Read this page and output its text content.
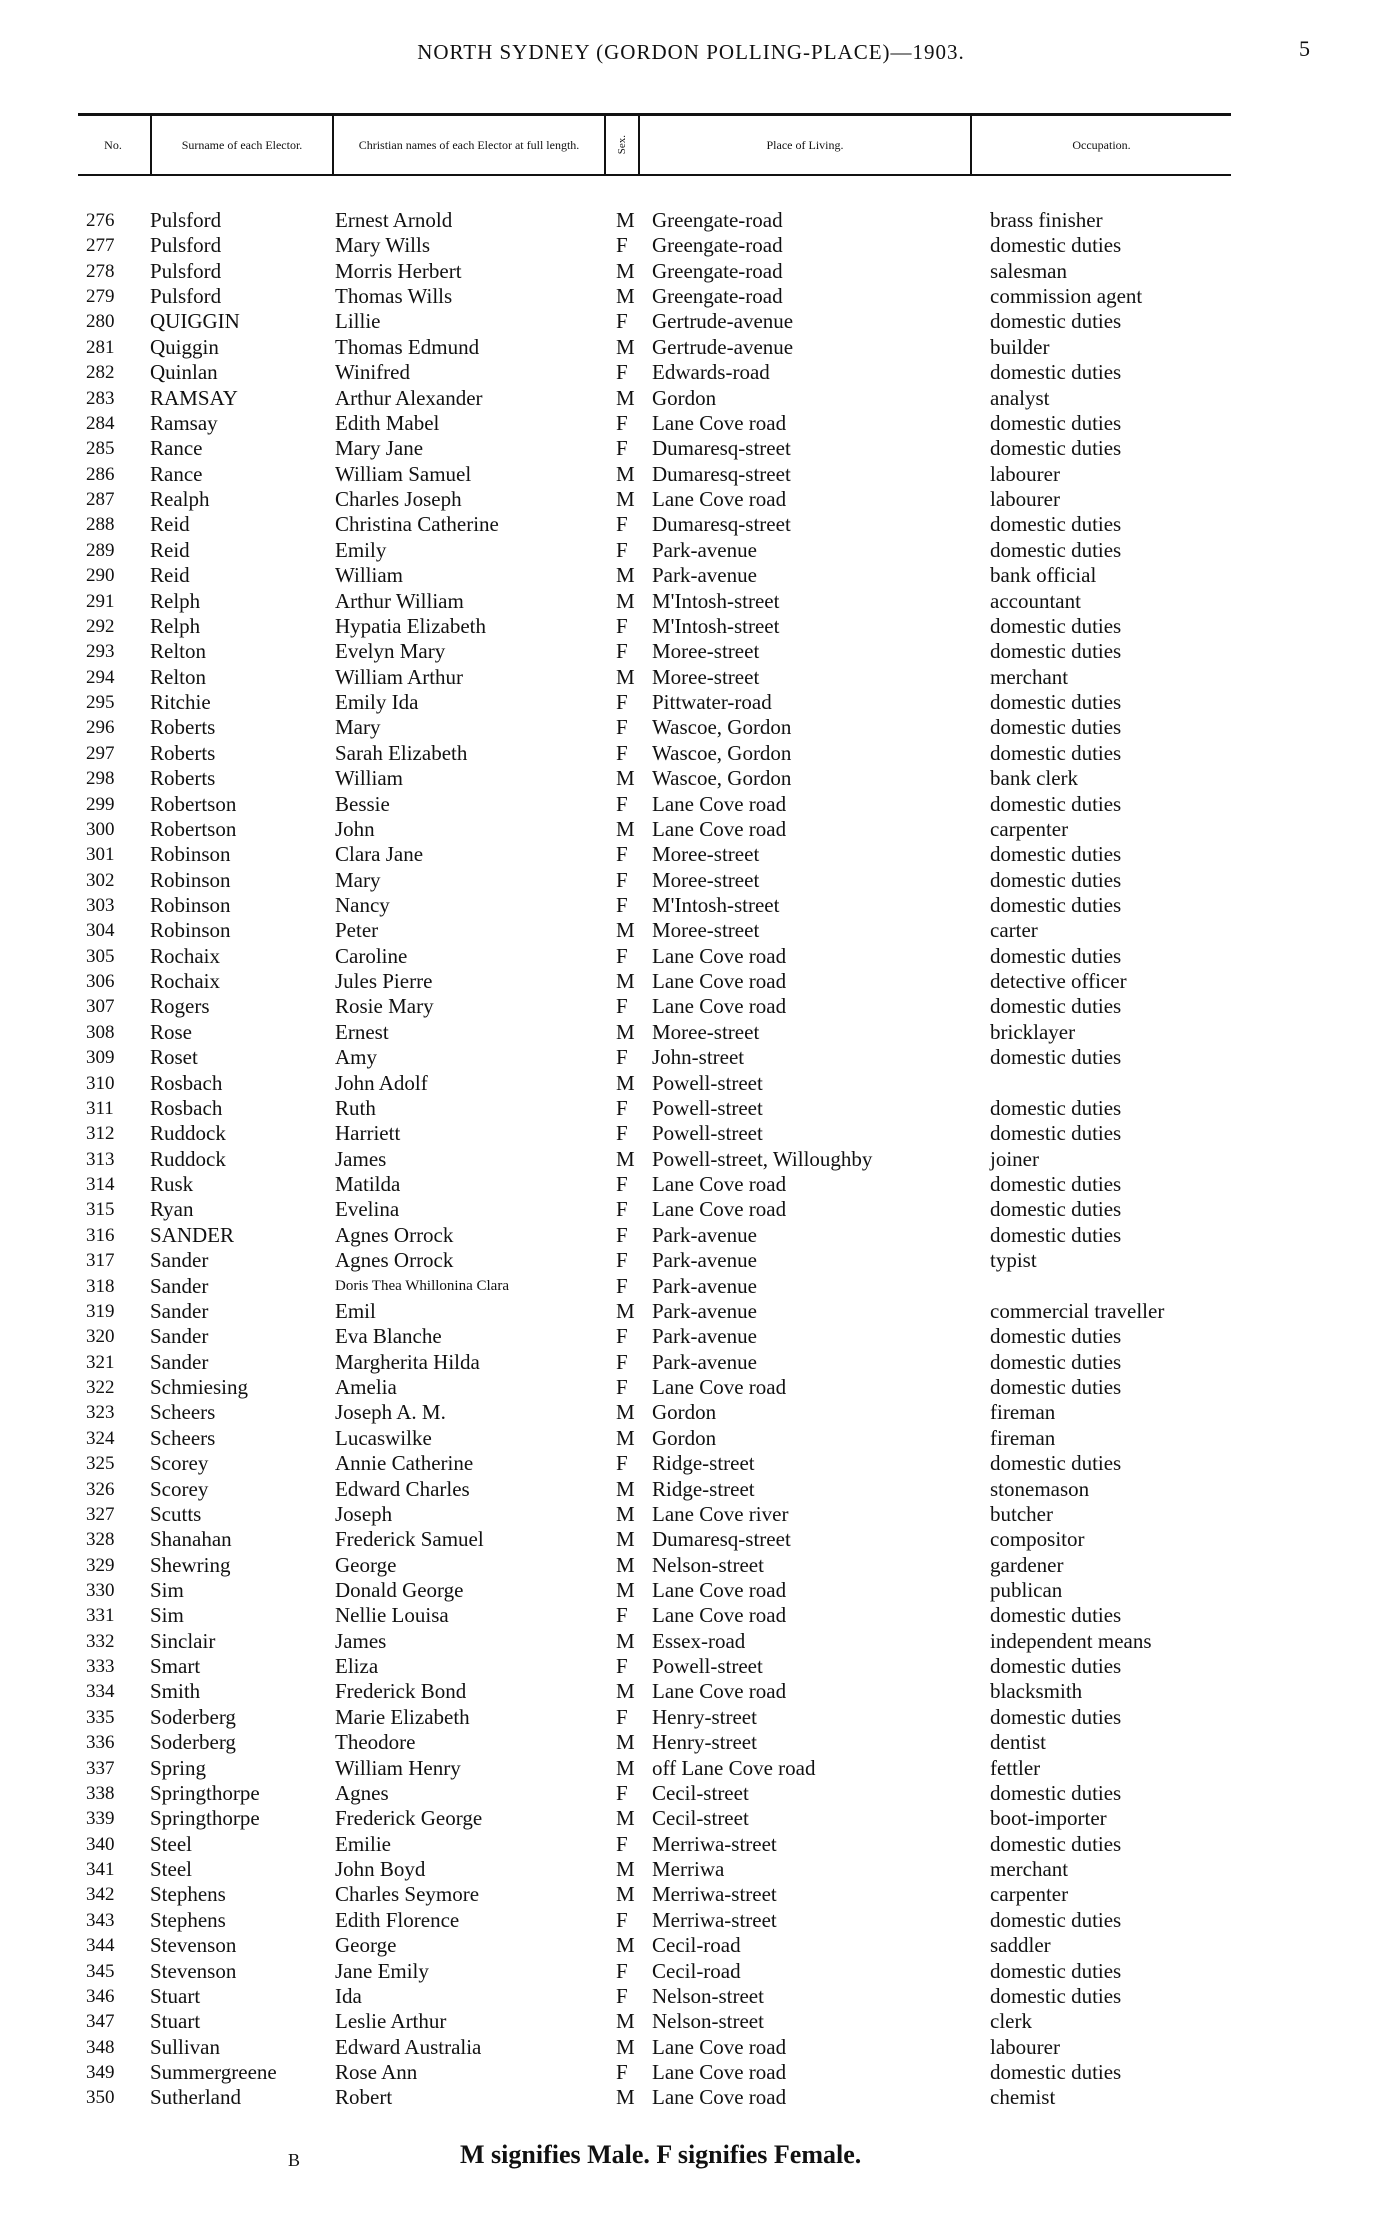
NORTH SYDNEY (GORDON POLLING-PLACE)—1903.	5
No.	Surname of each Elector.	Christian names of each Elector at full length.	Sex.	Place of Living.	Occupation.
276	Pulsford	Ernest Arnold	M Greengate-road	brass finisher
277	Pulsford	Mary Wills	F Greengate-road	domestic duties
278	Pulsford	Morris Herbert	M Greengate-road	salesman
279	Pulsford	Thomas Wills	M Greengate-road	commission agent
280	QUIGGIN	Lillie	F Gertrude-avenue	domestic duties
281	Quiggin	Thomas Edmund	M Gertrude-avenue	builder
282	Quinlan	Winifred	F Edwards-road	domestic duties
283	RAMSAY	Arthur Alexander	M Gordon	analyst
284	Ramsay	Edith Mabel	F Lane Cove road	domestic duties
285	Rance	Mary Jane	F Dumaresq-street	domestic duties
286	Rance	William Samuel	M Dumaresq-street	labourer
287	Realph	Charles Joseph	M Lane Cove road	labourer
288	Reid	Christina Catherine	F Dumaresq-street	domestic duties
289	Reid	Emily	F Park-avenue	domestic duties
290	Reid	William	M Park-avenue	bank official
291	Relph	Arthur William	M M'Intosh-street	accountant
292	Relph	Hypatia Elizabeth	F M'Intosh-street	domestic duties
293	Relton	Evelyn Mary	F Moree-street	domestic duties
294	Relton	William Arthur	M Moree-street	merchant
295	Ritchie	Emily Ida	F Pittwater-road	domestic duties
296	Roberts	Mary	F Wascoe, Gordon	domestic duties
297	Roberts	Sarah Elizabeth	F Wascoe, Gordon	domestic duties
298	Roberts	William	M Wascoe, Gordon	bank clerk
299	Robertson	Bessie	F Lane Cove road	domestic duties
300	Robertson	John	M Lane Cove road	carpenter
301	Robinson	Clara Jane	F Moree-street	domestic duties
302	Robinson	Mary	F Moree-street	domestic duties
303	Robinson	Nancy	F M'Intosh-street	domestic duties
304	Robinson	Peter	M Moree-street	carter
305	Rochaix	Caroline	F Lane Cove road	domestic duties
306	Rochaix	Jules Pierre	M Lane Cove road	detective officer
307	Rogers	Rosie Mary	F Lane Cove road	domestic duties
308	Rose	Ernest	M Moree-street	bricklayer
309	Roset	Amy	F John-street	domestic duties
310	Rosbach	John Adolf	M Powell-street
311	Rosbach	Ruth	F Powell-street	domestic duties
312	Ruddock	Harriett	F Powell-street	domestic duties
313	Ruddock	James	M Powell-street, Willoughby	joiner
314	Rusk	Matilda	F Lane Cove road	domestic duties
315	Ryan	Evelina	F Lane Cove road	domestic duties
316	SANDER	Agnes Orrock	F Park-avenue	domestic duties
317	Sander	Agnes Orrock	F Park-avenue	typist
318	Sander	Doris Thea Whillonina Clara	F Park-avenue
319	Sander	Emil	M Park-avenue	commercial traveller
320	Sander	Eva Blanche	F Park-avenue	domestic duties
321	Sander	Margherita Hilda	F Park-avenue	domestic duties
322	Schmiesing	Amelia	F Lane Cove road	domestic duties
323	Scheers	Joseph A. M.	M Gordon	fireman
324	Scheers	Lucaswilke	M Gordon	fireman
325	Scorey	Annie Catherine	F Ridge-street	domestic duties
326	Scorey	Edward Charles	M Ridge-street	stonemason
327	Scutts	Joseph	M Lane Cove river	butcher
328	Shanahan	Frederick Samuel	M Dumaresq-street	compositor
329	Shewring	George	M Nelson-street	gardener
330	Sim	Donald George	M Lane Cove road	publican
331	Sim	Nellie Louisa	F Lane Cove road	domestic duties
332	Sinclair	James	M Essex-road	independent means
333	Smart	Eliza	F Powell-street	domestic duties
334	Smith	Frederick Bond	M Lane Cove road	blacksmith
335	Soderberg	Marie Elizabeth	F Henry-street	domestic duties
336	Soderberg	Theodore	M Henry-street	dentist
337	Spring	William Henry	M off Lane Cove road	fettler
338	Springthorpe	Agnes	F Cecil-street	domestic duties
339	Springthorpe	Frederick George	M Cecil-street	boot-importer
340	Steel	Emilie	F Merriwa-street	domestic duties
341	Steel	John Boyd	M Merriwa	merchant
342	Stephens	Charles Seymore	M Merriwa-street	carpenter
343	Stephens	Edith Florence	F Merriwa-street	domestic duties
344	Stevenson	George	M Cecil-road	saddler
345	Stevenson	Jane Emily	F Cecil-road	domestic duties
346	Stuart	Ida	F Nelson-street	domestic duties
347	Stuart	Leslie Arthur	M Nelson-street	clerk
348	Sullivan	Edward Australia	M Lane Cove road	labourer
349	Summergreene	Rose Ann	F Lane Cove road	domestic duties
350	Sutherland	Robert	M Lane Cove road	chemist
B	M signifies Male. F signifies Female.
